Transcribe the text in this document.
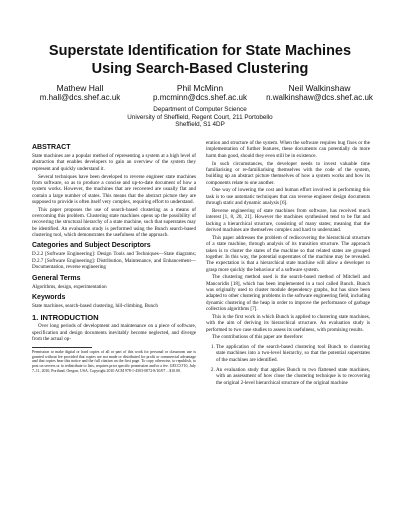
Superstate Identification for State Machines
Using Search-Based Clustering
Mathew Hall
m.hall@dcs.shef.ac.uk
Phil McMinn
p.mcminn@dcs.shef.ac.uk
Neil Walkinshaw
n.walkinshaw@dcs.shef.ac.uk
Department of Computer Science
University of Sheffield, Regent Court, 211 Portobello
Sheffield, S1 4DP
ABSTRACT

State machines are a popular method of representing a system at a high level of abstraction that enables developers to gain an overview of the system they represent and quickly understand it.

Several techniques have been developed to reverse engineer state machines from software, so as to produce a concise and up-to-date document of how a system works. However, the machines that are recovered are usually flat and contain a large number of states. This means that the abstract picture they are supposed to provide is often itself very complex, requiring effort to understand.

This paper proposes the use of search-based clustering as a means of overcoming this problem. Clustering state machines opens up the possibility of recovering the structural hierarchy of a state machine, such that superstates may be identified. An evaluation study is performed using the Bunch search-based clustering tool, which demonstrates the usefulness of the approach.

Categories and Subject Descriptors

D.2.2 [Software Engineering]: Design Tools and Techniques—State diagrams; D.2.7 [Software Engineering]: Distribution, Maintenance, and Enhancement—Documentation, reverse engineering

General Terms

Algorithms, design, experimentation

Keywords

State machines, search-based clustering, hill-climbing, Bunch

1. INTRODUCTION

Over long periods of development and maintenance on a piece of software, specification and design documents inevitably become neglected, and diverge from the actual op-

Permission to make digital or hard copies of all or part of this work for personal or classroom use is granted without fee provided that copies are not made or distributed for profit or commercial advantage and that copies bear this notice and the full citation on the first page. To copy otherwise, to republish, to post on servers or to redistribute to lists, requires prior specific permission and/or a fee. GECCO'10, July 7–11, 2010, Portland, Oregon, USA. Copyright 2010 ACM 978-1-4503-0072-8/10/07 ...$10.00.

eration and structure of the system. When the software requires bug fixes or the implementation of further features, these documents can potentially do more harm than good, should they even still be in existence.

In such circumstances, the developer needs to invest valuable time familiarising or re-familiarising themselves with the code of the system, building up an abstract picture themselves of how a system works and how its components relate to one another.

One way of lowering the cost and human effort involved in performing this task is to use automatic techniques that can reverse engineer design documents through static and dynamic analysis [6].

Reverse engineering of state machines from software, has received much interest [1, 8, 20, 21]. However the machines synthesised tend to be flat and lacking a hierarchical structure, consisting of many states; meaning that the derived machines are themselves complex and hard to understand.

This paper addresses the problem of rediscovering the hierarchical structure of a state machine, through analysis of its transition structure. The approach taken is to cluster the states of the machine so that related states are grouped together. In this way, the potential superstates of the machine may be revealed. The expectation is that a hierarchical state machine will allow a developer to grasp more quickly the behaviour of a software system.

The clustering method used is the search-based method of Mitchell and Mancoridis [18], which has been implemented in a tool called Bunch. Bunch was originally used to cluster module dependency graphs, but has since been adapted to other clustering problems in the software engineering field, including dynamic clustering of the heap in order to improve the performance of garbage collection algorithms [7].

This is the first work in which Bunch is applied to clustering state machines, with the aim of deriving its hierarchical structure. An evaluation study is performed to two case studies to assess its usefulness, with promising results.

The contributions of this paper are therefore:

1. The application of the search-based clustering tool Bunch to clustering state machines into a two-level hierarchy, so that the potential superstates of the machines are identified.
2. An evaluation study that applies Bunch to two flattened state machines, with an assessment of how close the clustering technique is to recovering the original 2-level hierarchical structure of the original machine
